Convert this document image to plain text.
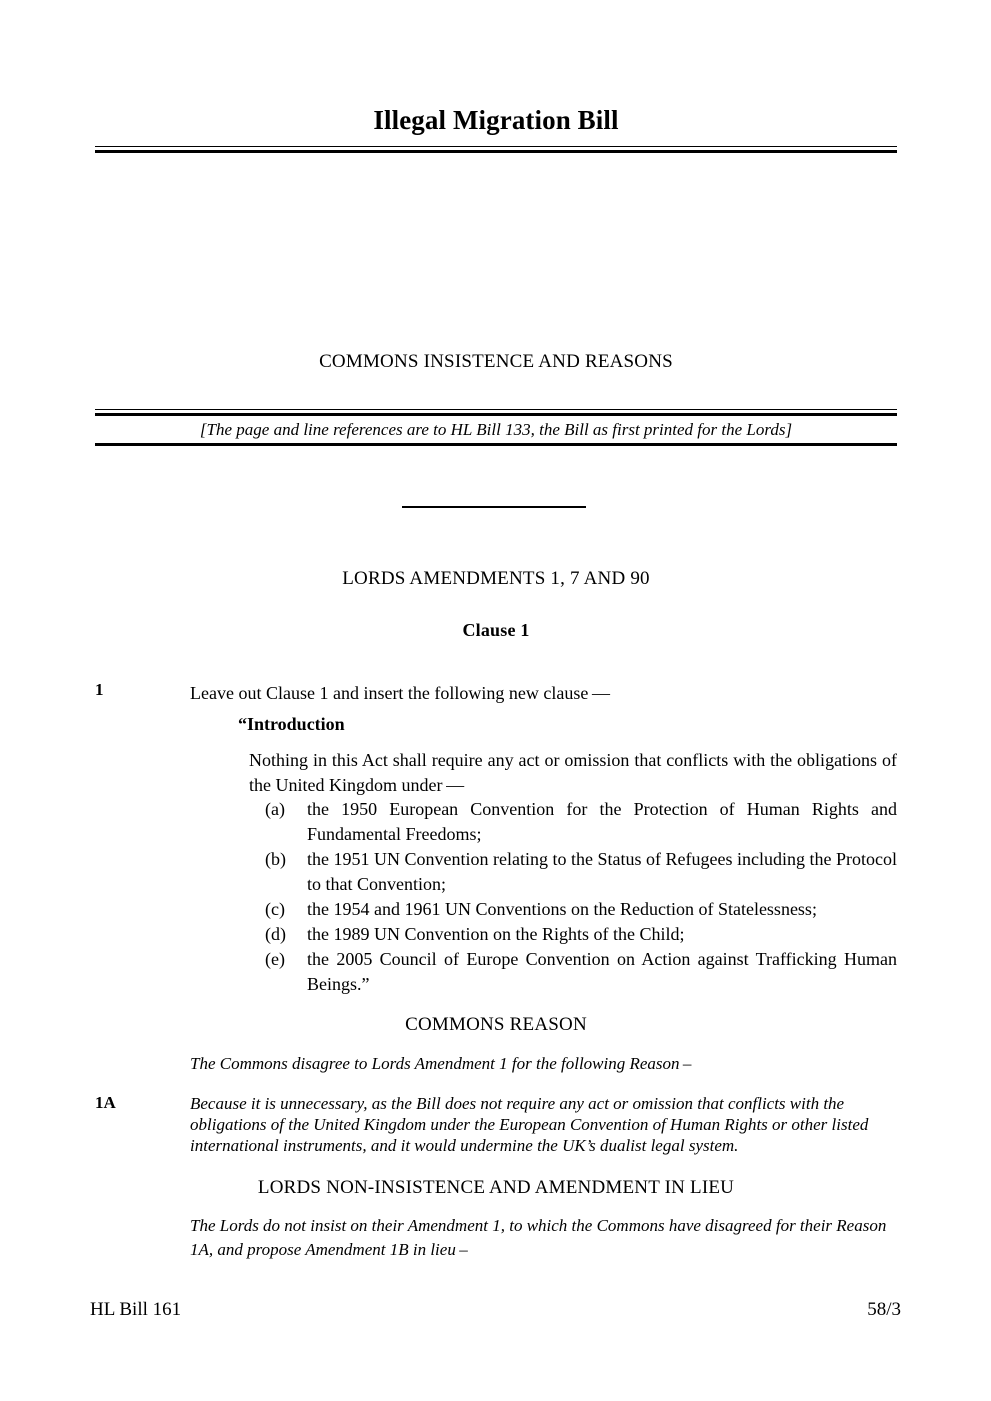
Illegal Migration Bill
COMMONS INSISTENCE AND REASONS
[The page and line references are to HL Bill 133, the Bill as first printed for the Lords]
LORDS AMENDMENTS 1, 7 AND 90
Clause 1
1	Leave out Clause 1 and insert the following new clause —
“Introduction
Nothing in this Act shall require any act or omission that conflicts with the obligations of the United Kingdom under —
(a)	the 1950 European Convention for the Protection of Human Rights and Fundamental Freedoms;
(b)	the 1951 UN Convention relating to the Status of Refugees including the Protocol to that Convention;
(c)	the 1954 and 1961 UN Conventions on the Reduction of Statelessness;
(d)	the 1989 UN Convention on the Rights of the Child;
(e)	the 2005 Council of Europe Convention on Action against Trafficking Human Beings.”
COMMONS REASON
The Commons disagree to Lords Amendment 1 for the following Reason –
1A	Because it is unnecessary, as the Bill does not require any act or omission that conflicts with the obligations of the United Kingdom under the European Convention of Human Rights or other listed international instruments, and it would undermine the UK’s dualist legal system.
LORDS NON-INSISTENCE AND AMENDMENT IN LIEU
The Lords do not insist on their Amendment 1, to which the Commons have disagreed for their Reason 1A, and propose Amendment 1B in lieu –
HL Bill 161	58/3
